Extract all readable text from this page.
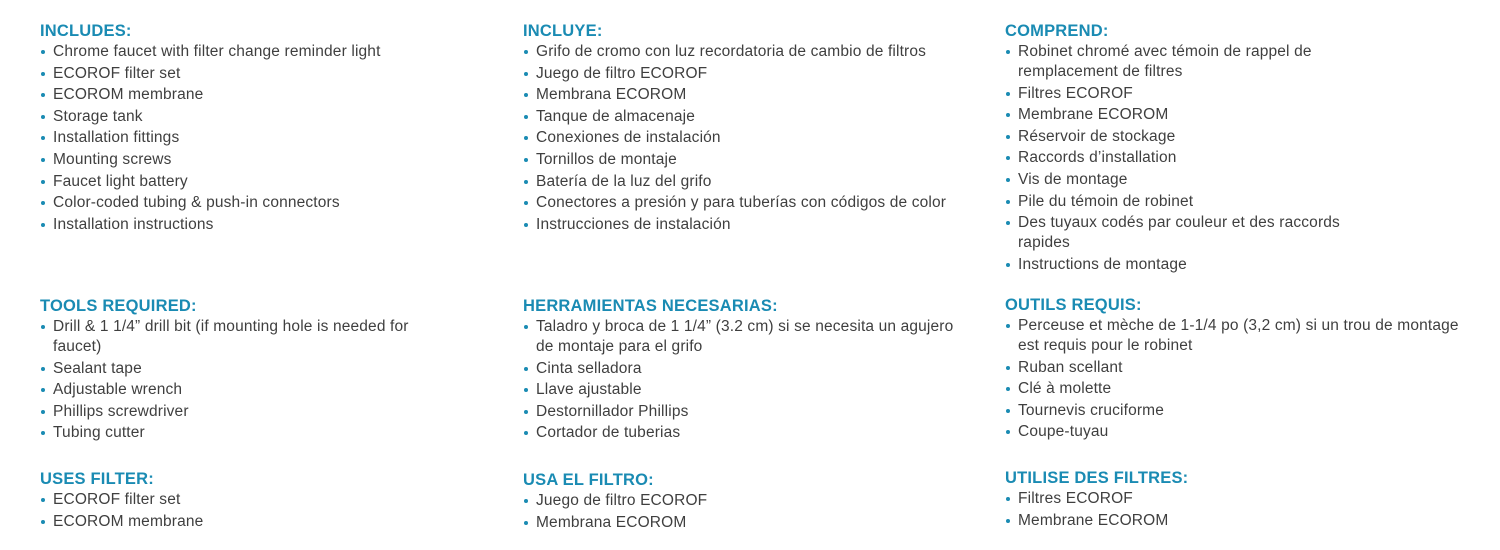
INCLUDES:
Chrome faucet with filter change reminder light
ECOROF filter set
ECOROM membrane
Storage tank
Installation fittings
Mounting screws
Faucet light battery
Color-coded tubing & push-in connectors
Installation instructions
TOOLS REQUIRED:
Drill & 1 1/4” drill bit (if mounting hole is needed for faucet)
Sealant tape
Adjustable wrench
Phillips screwdriver
Tubing cutter
USES FILTER:
ECOROF filter set
ECOROM membrane
INCLUYE:
Grifo de cromo con luz recordatoria de cambio de filtros
Juego de filtro ECOROF
Membrana ECOROM
Tanque de almacenaje
Conexiones de instalación
Tornillos de montaje
Batería de la luz del grifo
Conectores a presión y para tuberías con códigos de color
Instrucciones de instalación
HERRAMIENTAS NECESARIAS:
Taladro y broca de 1 1/4” (3.2 cm) si se necesita un agujero de montaje para el grifo
Cinta selladora
Llave ajustable
Destornillador Phillips
Cortador de tuberias
USA EL FILTRO:
Juego de filtro ECOROF
Membrana ECOROM
COMPREND:
Robinet chromé avec témoin de rappel de remplacement de filtres
Filtres ECOROF
Membrane ECOROM
Réservoir de stockage
Raccords d’installation
Vis de montage
Pile du témoin de robinet
Des tuyaux codés par couleur et des raccords rapides
Instructions de montage
OUTILS REQUIS:
Perceuse et mèche de 1-1/4 po (3,2 cm) si un trou de montage est requis pour le robinet
Ruban scellant
Clé à molette
Tournevis cruciforme
Coupe-tuyau
UTILISE DES FILTRES:
Filtres ECOROF
Membrane ECOROM
